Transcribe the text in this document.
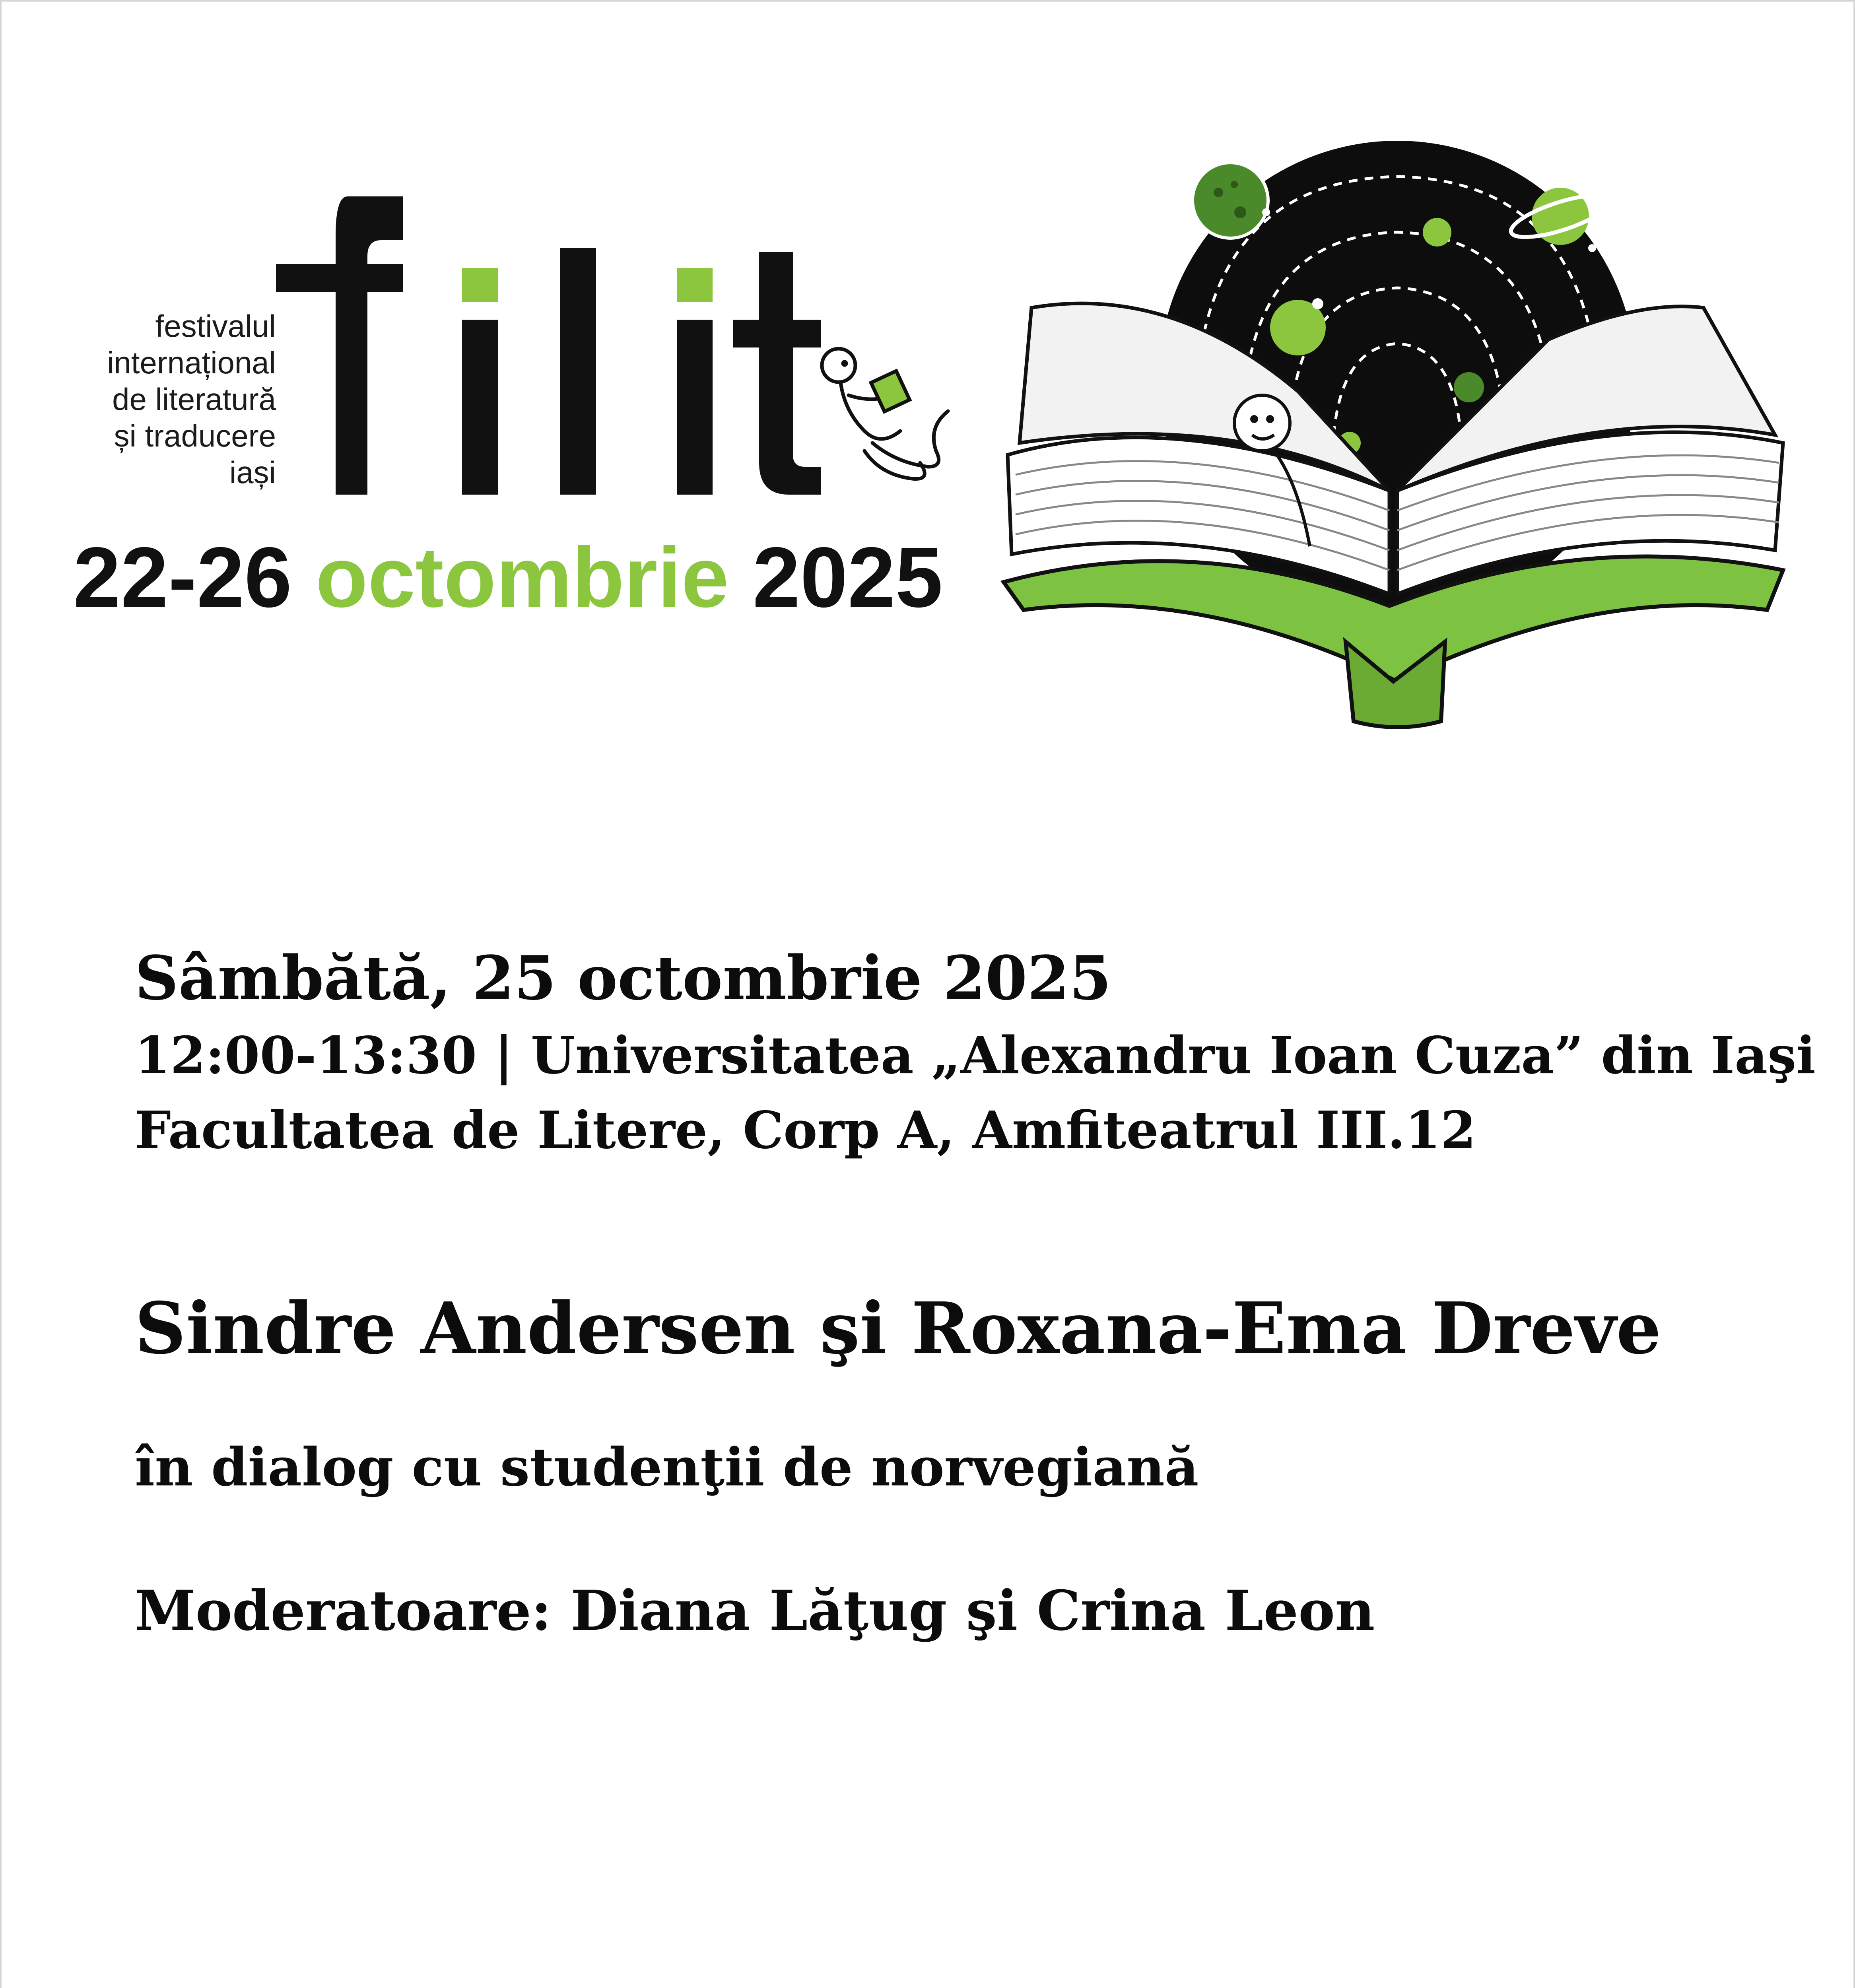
festivalul
internațional
de literatură
și traducere
iași
22-26 octombrie 2025
Sâmbătă, 25 octombrie 2025
12:00-13:30 | Universitatea „Alexandru Ioan Cuza” din Iaşi
Facultatea de Litere, Corp A, Amfiteatrul III.12
Sindre Andersen şi Roxana-Ema Dreve
în dialog cu studenţii de norvegiană
Moderatoare: Diana Lăţug şi Crina Leon
